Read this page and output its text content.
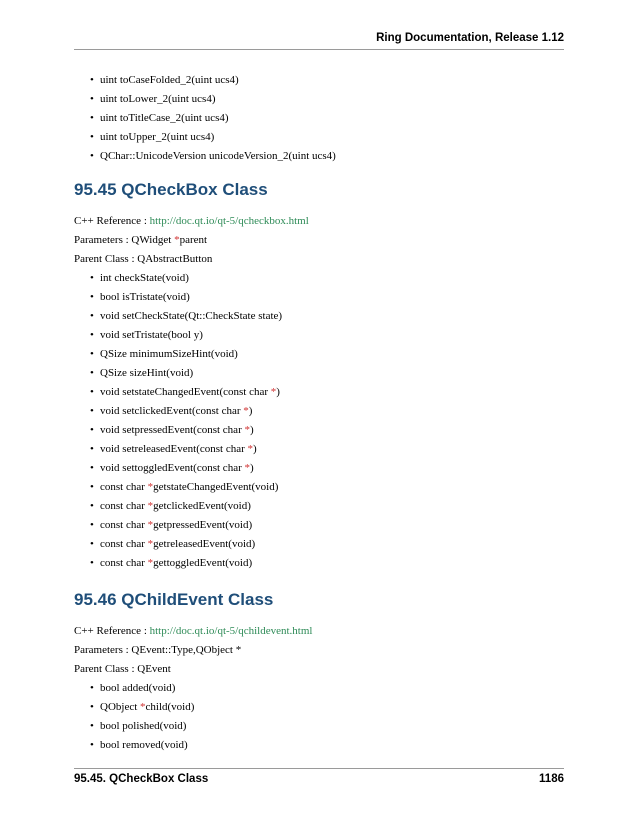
Ring Documentation, Release 1.12
• uint toCaseFolded_2(uint ucs4)
• uint toLower_2(uint ucs4)
• uint toTitleCase_2(uint ucs4)
• uint toUpper_2(uint ucs4)
• QChar::UnicodeVersion unicodeVersion_2(uint ucs4)
95.45 QCheckBox Class

C++ Reference : http://doc.qt.io/qt-5/qcheckbox.html

Parameters : QWidget *parent

Parent Class : QAbstractButton

• int checkState(void)
• bool isTristate(void)
• void setCheckState(Qt::CheckState state)
• void setTristate(bool y)
• QSize minimumSizeHint(void)
• QSize sizeHint(void)
• void setstateChangedEvent(const char *)
• void setclickedEvent(const char *)
• void setpressedEvent(const char *)
• void setreleasedEvent(const char *)
• void settoggledEvent(const char *)
• const char *getstateChangedEvent(void)
• const char *getclickedEvent(void)
• const char *getpressedEvent(void)
• const char *getreleasedEvent(void)
• const char *gettoggledEvent(void)
95.46 QChildEvent Class

C++ Reference : http://doc.qt.io/qt-5/qchildevent.html

Parameters : QEvent::Type,QObject *

Parent Class : QEvent

• bool added(void)
• QObject *child(void)
• bool polished(void)
• bool removed(void)
95.45. QCheckBox Class	1186
